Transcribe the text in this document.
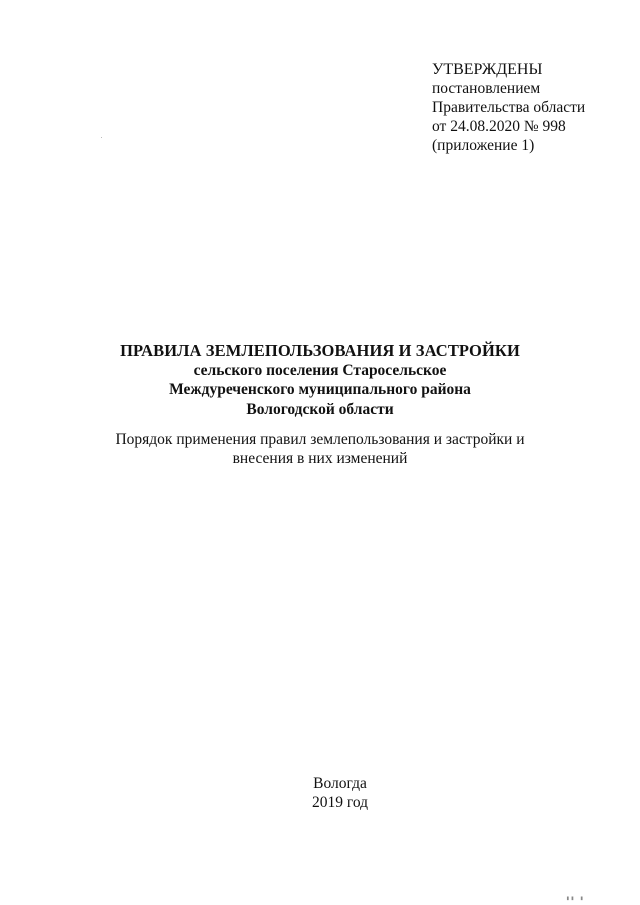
УТВЕРЖДЕНЫ
постановлением
Правительства области
от 24.08.2020 № 998
(приложение 1)
ПРАВИЛА ЗЕМЛЕПОЛЬЗОВАНИЯ И ЗАСТРОЙКИ
сельского поселения Старосельское
Междуреченского муниципального района
Вологодской области
Порядок применения правил землепользования и застройки и
внесения в них изменений
Вологда
2019 год
▮▮ ▮
